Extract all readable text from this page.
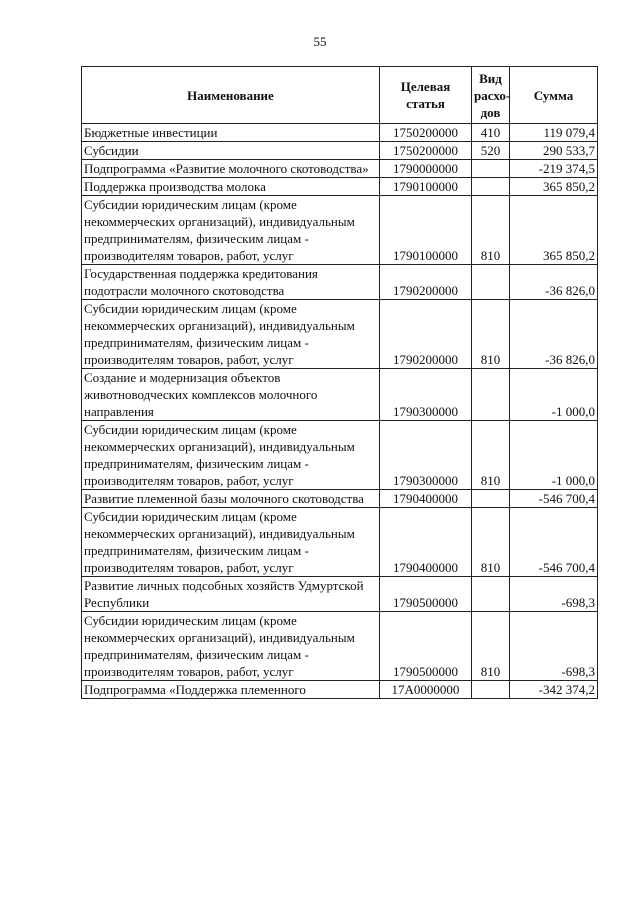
55
Наименование	Целевая статья	Вид расхо-дов	Сумма
Бюджетные инвестиции	1750200000	410	119 079,4
Субсидии	1750200000	520	290 533,7
Подпрограмма «Развитие молочного скотоводства»	1790000000		-219 374,5
Поддержка производства молока	1790100000		365 850,2
Субсидии юридическим лицам (кроме некоммерческих организаций), индивидуальным предпринимателям, физическим лицам - производителям товаров, работ, услуг	1790100000	810	365 850,2
Государственная поддержка кредитования подотрасли молочного скотоводства	1790200000		-36 826,0
Субсидии юридическим лицам (кроме некоммерческих организаций), индивидуальным предпринимателям, физическим лицам - производителям товаров, работ, услуг	1790200000	810	-36 826,0
Создание и модернизация объектов животноводческих комплексов молочного направления	1790300000		-1 000,0
Субсидии юридическим лицам (кроме некоммерческих организаций), индивидуальным предпринимателям, физическим лицам - производителям товаров, работ, услуг	1790300000	810	-1 000,0
Развитие племенной базы молочного скотоводства	1790400000		-546 700,4
Субсидии юридическим лицам (кроме некоммерческих организаций), индивидуальным предпринимателям, физическим лицам - производителям товаров, работ, услуг	1790400000	810	-546 700,4
Развитие личных подсобных хозяйств Удмуртской Республики	1790500000		-698,3
Субсидии юридическим лицам (кроме некоммерческих организаций), индивидуальным предпринимателям, физическим лицам - производителям товаров, работ, услуг	1790500000	810	-698,3
Подпрограмма «Поддержка племенного	17А0000000		-342 374,2
